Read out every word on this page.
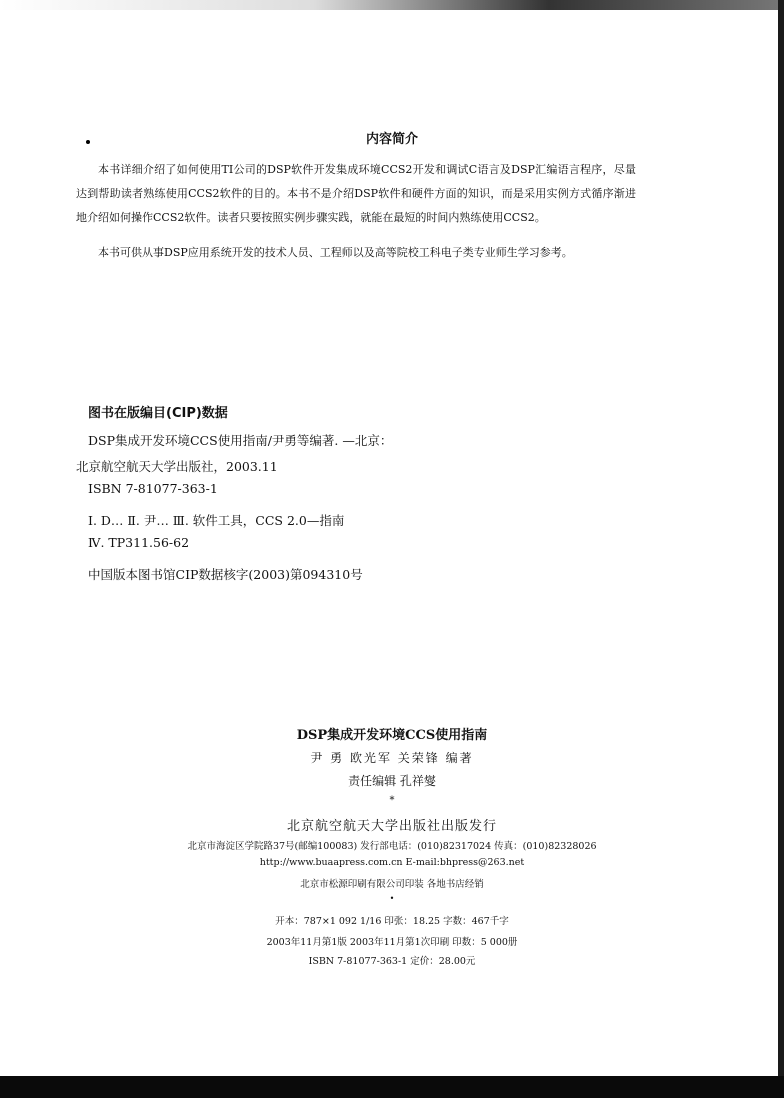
内容简介
本书详细介绍了如何使用TI公司的DSP软件开发集成环境CCS2开发和调试C语言及DSP汇编语言程序，尽量达到帮助读者熟练使用CCS2软件的目的。本书不是介绍DSP软件和硬件方面的知识，而是采用实例方式循序渐进地介绍如何操作CCS2软件。读者只要按照实例步骤实践，就能在最短的时间内熟练使用CCS2。
本书可供从事DSP应用系统开发的技术人员、工程师以及高等院校工科电子类专业师生学习参考。
图书在版编目(CIP)数据
DSP集成开发环境CCS使用指南/尹勇等编著. —北京：
北京航空航天大学出版社，2003.11
ISBN 7-81077-363-1
Ⅰ. D… Ⅱ. 尹… Ⅲ. 软件工具，CCS 2.0—指南
Ⅳ. TP311.56-62
中国版本图书馆CIP数据核字(2003)第094310号
DSP集成开发环境CCS使用指南
尹 勇 欧光军 关荣锋 编著
责任编辑 孔祥燮
*
北京航空航天大学出版社出版发行
北京市海淀区学院路37号(邮编100083) 发行部电话：(010)82317024 传真：(010)82328026
http://www.buaapress.com.cn E-mail:bhpress@263.net
北京市松源印刷有限公司印装 各地书店经销
•
开本：787×1 092 1/16 印张：18.25 字数：467千字
2003年11月第1版 2003年11月第1次印刷 印数：5 000册
ISBN 7-81077-363-1 定价：28.00元
